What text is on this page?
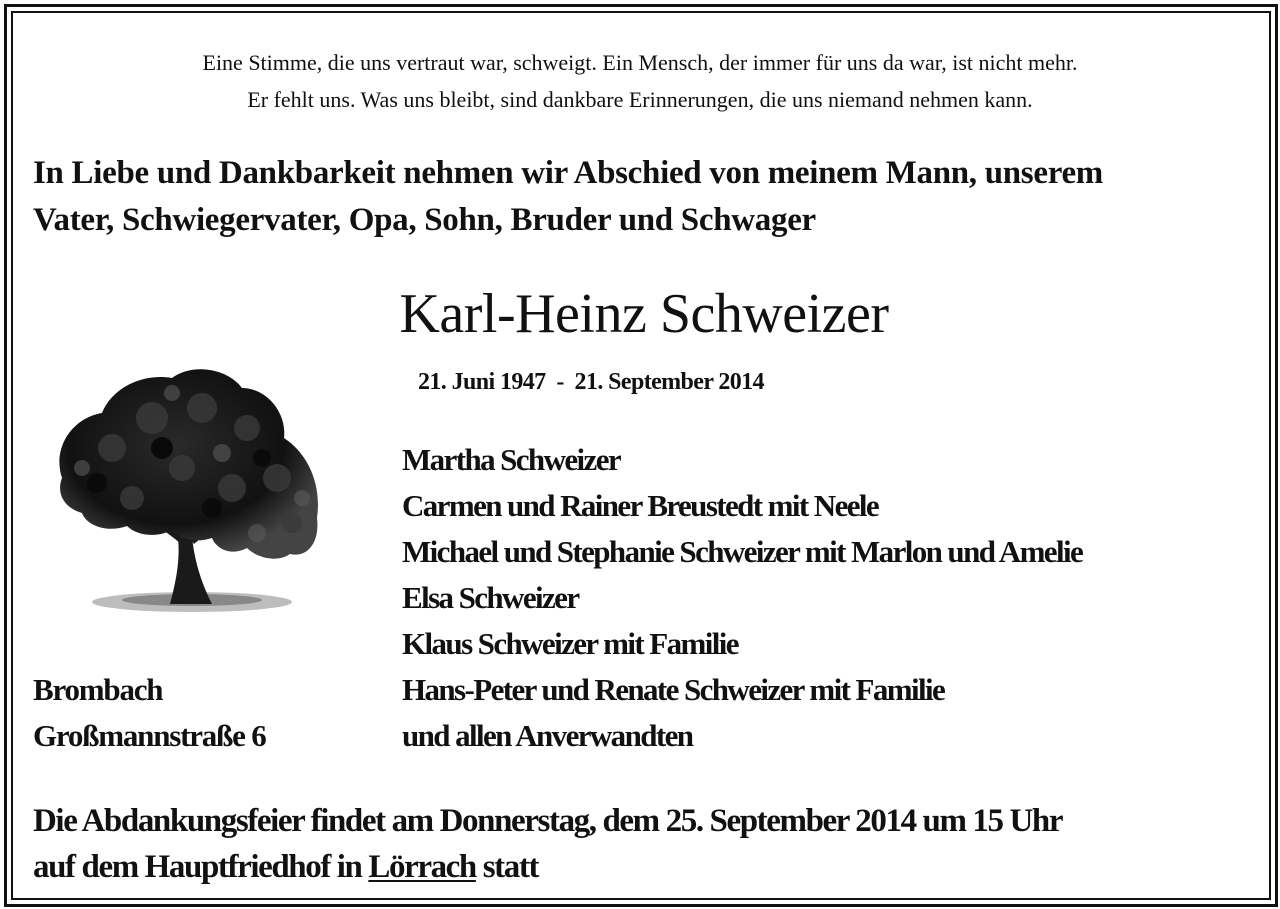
Eine Stimme, die uns vertraut war, schweigt. Ein Mensch, der immer für uns da war, ist nicht mehr.
Er fehlt uns. Was uns bleibt, sind dankbare Erinnerungen, die uns niemand nehmen kann.
In Liebe und Dankbarkeit nehmen wir Abschied von meinem Mann, unserem
Vater, Schwiegervater, Opa, Sohn, Bruder und Schwager
Karl-Heinz Schweizer
21. Juni 1947  -  21. September 2014
Martha Schweizer
Carmen und Rainer Breustedt mit Neele
Michael und Stephanie Schweizer mit Marlon und Amelie
Elsa Schweizer
Klaus Schweizer mit Familie
Hans-Peter und Renate Schweizer mit Familie
und allen Anverwandten
Brombach
Großmannstraße 6
Die Abdankungsfeier findet am Donnerstag, dem 25. September 2014 um 15 Uhr
auf dem Hauptfriedhof in Lörrach statt
